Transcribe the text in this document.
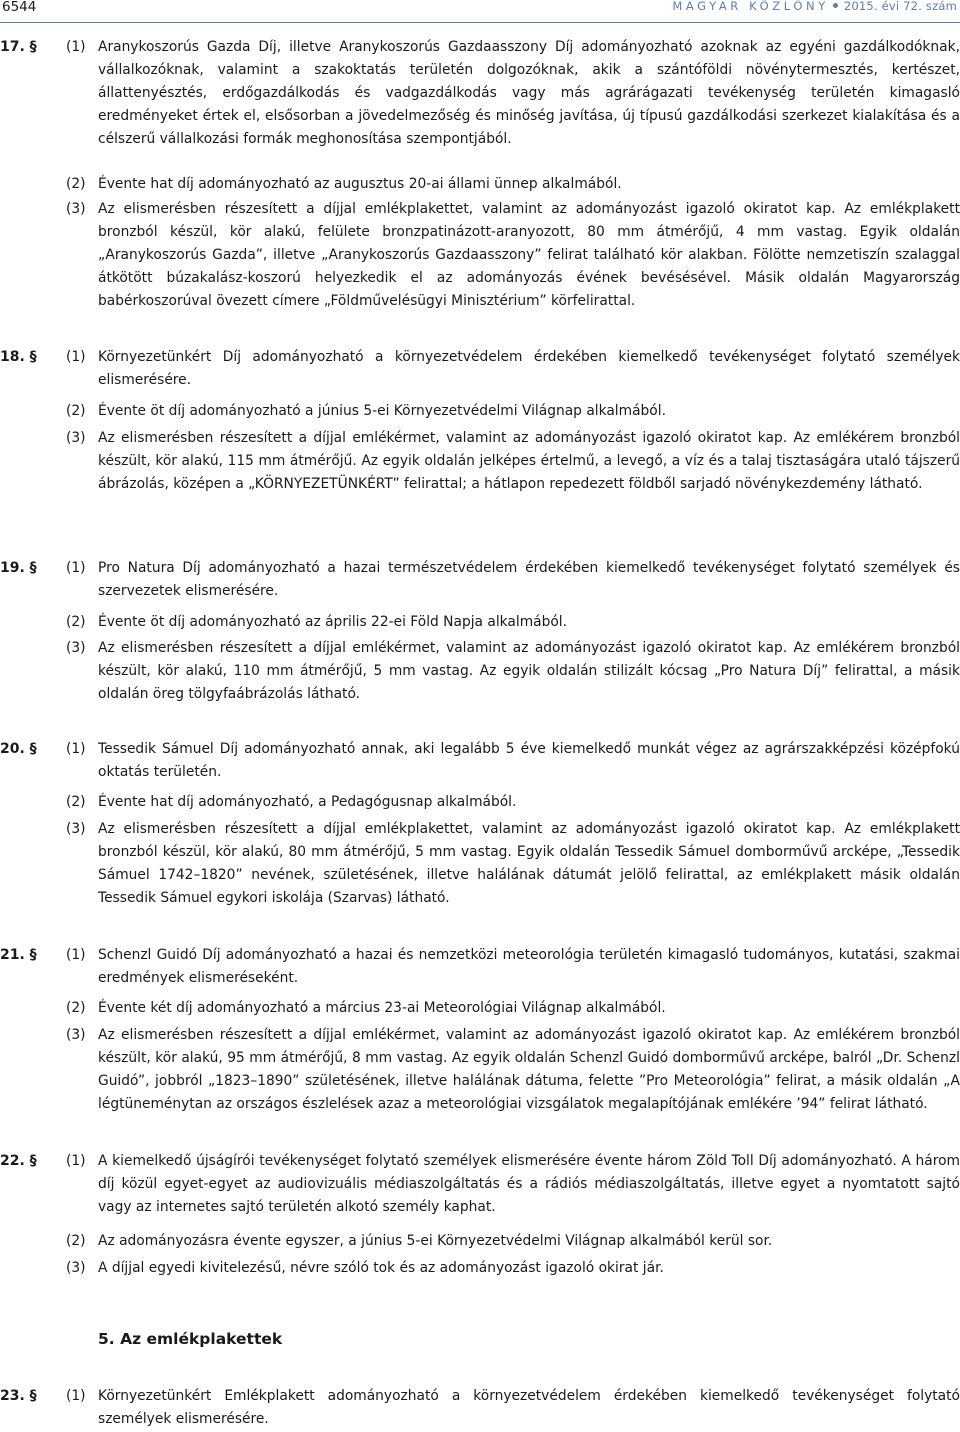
6544	MAGYAR KÖZLÖNY 2015. évi 72. szám
17. § (1) Aranykoszorús Gazda Díj, illetve Aranykoszorús Gazdaasszony Díj adományozható azoknak az egyéni gazdálkodóknak, vállalkozóknak, valamint a szakoktatás területén dolgozóknak, akik a szántóföldi növénytermesztés, kertészet, állattenyésztés, erdőgazdálkodás és vadgazdálkodás vagy más agrárágazati tevékenység területén kimagasló eredményeket értek el, elsősorban a jövedelmezőség és minőség javítása, új típusú gazdálkodási szerkezet kialakítása és a célszerű vállalkozási formák meghonosítása szempontjából.
(2) Évente hat díj adományozható az augusztus 20-ai állami ünnep alkalmából.
(3) Az elismerésben részesített a díjjal emlékplakettet, valamint az adományozást igazoló okiratot kap. Az emlékplakett bronzból készül, kör alakú, felülete bronzpatinázott-aranyozott, 80 mm átmérőjű, 4 mm vastag. Egyik oldalán „Aranykoszorús Gazda”, illetve „Aranykoszorús Gazdaasszony” felirat található kör alakban. Fölötte nemzetiszín szalaggal átkötött búzakalász-koszorú helyezkedik el az adományozás évének bevésésével. Másik oldalán Magyarország babérkoszorúval övezett címere „Földművelésügyi Minisztérium” körfelirattal.
18. § (1) Környezetünkért Díj adományozható a környezetvédelem érdekében kiemelkedő tevékenységet folytató személyek elismerésére.
(2) Évente öt díj adományozható a június 5-ei Környezetvédelmi Világnap alkalmából.
(3) Az elismerésben részesített a díjjal emlékérmet, valamint az adományozást igazoló okiratot kap. Az emlékérem bronzból készült, kör alakú, 115 mm átmérőjű. Az egyik oldalán jelképes értelmű, a levegő, a víz és a talaj tisztaságára utaló tájszerű ábrázolás, középen a „KÖRNYEZETÜNKÉRT” felirattal; a hátlapon repedezett földből sarjadó növénykezdemény látható.
19. § (1) Pro Natura Díj adományozható a hazai természetvédelem érdekében kiemelkedő tevékenységet folytató személyek és szervezetek elismerésére.
(2) Évente öt díj adományozható az április 22-ei Föld Napja alkalmából.
(3) Az elismerésben részesített a díjjal emlékérmet, valamint az adományozást igazoló okiratot kap. Az emlékérem bronzból készült, kör alakú, 110 mm átmérőjű, 5 mm vastag. Az egyik oldalán stilizált kócsag „Pro Natura Díj” felirattal, a másik oldalán öreg tölgyfaábrázolás látható.
20. § (1) Tessedik Sámuel Díj adományozható annak, aki legalább 5 éve kiemelkedő munkát végez az agrárszakképzési középfokú oktatás területén.
(2) Évente hat díj adományozható, a Pedagógusnap alkalmából.
(3) Az elismerésben részesített a díjjal emlékplakettet, valamint az adományozást igazoló okiratot kap. Az emlékplakett bronzból készül, kör alakú, 80 mm átmérőjű, 5 mm vastag. Egyik oldalán Tessedik Sámuel domborművű arcképe, „Tessedik Sámuel 1742–1820” nevének, születésének, illetve halálának dátumát jelölő felirattal, az emlékplakett másik oldalán Tessedik Sámuel egykori iskolája (Szarvas) látható.
21. § (1) Schenzl Guidó Díj adományozható a hazai és nemzetközi meteorológia területén kimagasló tudományos, kutatási, szakmai eredmények elismeréseként.
(2) Évente két díj adományozható a március 23-ai Meteorológiai Világnap alkalmából.
(3) Az elismerésben részesített a díjjal emlékérmet, valamint az adományozást igazoló okiratot kap. Az emlékérem bronzból készült, kör alakú, 95 mm átmérőjű, 8 mm vastag. Az egyik oldalán Schenzl Guidó domborművű arcképe, balról „Dr. Schenzl Guidó”, jobbról „1823–1890” születésének, illetve halálának dátuma, felette ”Pro Meteorológia” felirat, a másik oldalán „A légtüneménytan az országos észlelések azaz a meteorológiai vizsgálatok megalapítójának emlékére ’94” felirat látható.
22. § (1) A kiemelkedő újságírói tevékenységet folytató személyek elismerésére évente három Zöld Toll Díj adományozható. A három díj közül egyet-egyet az audiovizuális médiaszolgáltatás és a rádiós médiaszolgáltatás, illetve egyet a nyomtatott sajtó vagy az internetes sajtó területén alkotó személy kaphat.
(2) Az adományozásra évente egyszer, a június 5-ei Környezetvédelmi Világnap alkalmából kerül sor.
(3) A díjjal egyedi kivitelezésű, névre szóló tok és az adományozást igazoló okirat jár.
5. Az emlékplakettek
23. § (1) Környezetünkért Emlékplakett adományozható a környezetvédelem érdekében kiemelkedő tevékenységet folytató személyek elismerésére.
